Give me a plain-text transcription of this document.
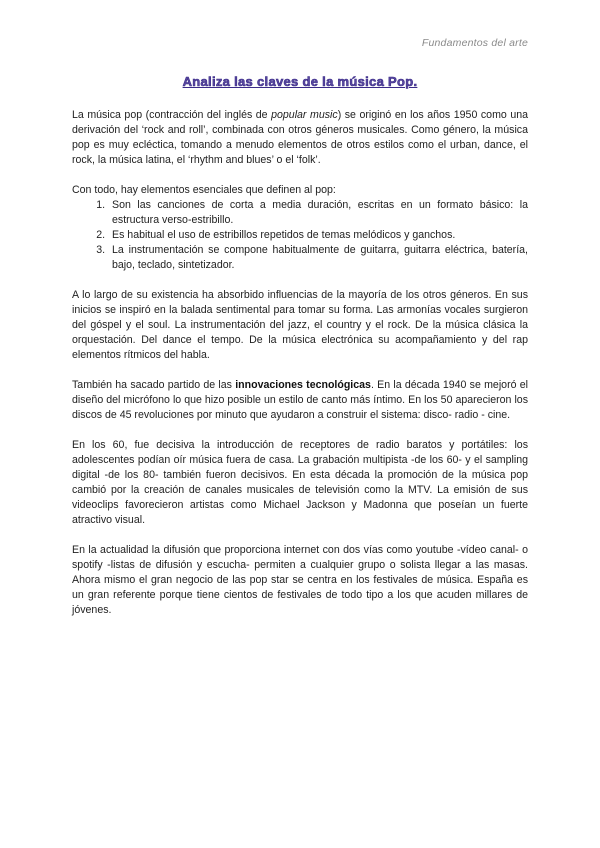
Fundamentos del arte
Analiza las claves de la música Pop.

La música pop (contracción del inglés de popular music) se originó en los años 1950 como una derivación del ‘rock and roll’, combinada con otros géneros musicales. Como género, la música pop es muy ecléctica, tomando a menudo elementos de otros estilos como el urban, dance, el rock, la música latina, el ‘rhythm and blues’ o el ‘folk’.

Con todo, hay elementos esenciales que definen al pop:

1. Son las canciones de corta a media duración, escritas en un formato básico: la estructura verso-estribillo.
2. Es habitual el uso de estribillos repetidos de temas melódicos y ganchos.
3. La instrumentación se compone habitualmente de guitarra, guitarra eléctrica, batería, bajo, teclado, sintetizador.

A lo largo de su existencia ha absorbido influencias de la mayoría de los otros géneros. En sus inicios se inspiró en la balada sentimental para tomar su forma. Las armonías vocales surgieron del góspel y el soul. La instrumentación del jazz, el country y el rock. De la música clásica la orquestación. Del dance el tempo. De la música electrónica su acompañamiento y del rap elementos rítmicos del habla.

También ha sacado partido de las innovaciones tecnológicas. En la década 1940 se mejoró el diseño del micrófono lo que hizo posible un estilo de canto más íntimo. En los 50 aparecieron los discos de 45 revoluciones por minuto que ayudaron a construir el sistema: disco- radio - cine.

En los 60, fue decisiva la introducción de receptores de radio baratos y portátiles: los adolescentes podían oír música fuera de casa. La grabación multipista -de los 60- y el sampling digital -de los 80- también fueron decisivos. En esta década la promoción de la música pop cambió por la creación de canales musicales de televisión como la MTV. La emisión de sus videoclips favorecieron artistas como Michael Jackson y Madonna que poseían un fuerte atractivo visual.

En la actualidad la difusión que proporciona internet con dos vías como youtube -vídeo canal- o spotify -listas de difusión y escucha- permiten a cualquier grupo o solista llegar a las masas. Ahora mismo el gran negocio de las pop star se centra en los festivales de música. España es un gran referente porque tiene cientos de festivales de todo tipo a los que acuden millares de jóvenes.
